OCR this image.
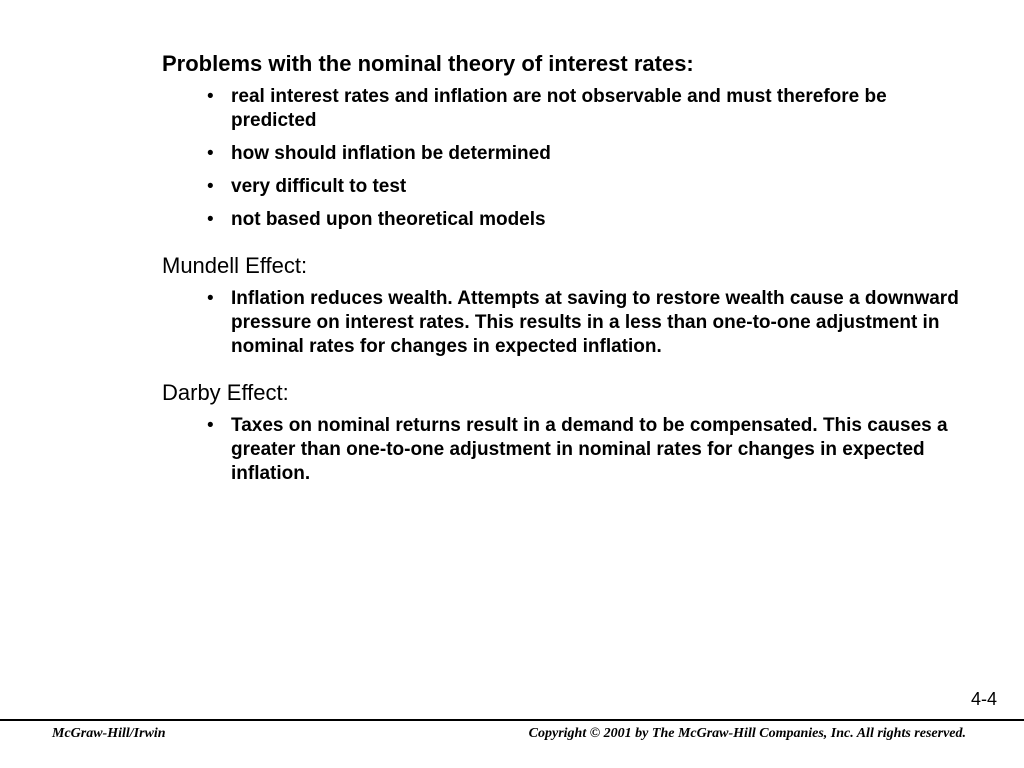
Problems with the nominal theory of interest rates:
• real interest rates and inflation are not observable and must therefore be predicted
• how should inflation be determined
• very difficult to test
• not based upon theoretical models
Mundell Effect:
• Inflation reduces wealth. Attempts at saving to restore wealth cause a downward pressure on interest rates. This results in a less than one-to-one adjustment in nominal rates for changes in expected inflation.
Darby Effect:
• Taxes on nominal returns result in a demand to be compensated. This causes a greater than one-to-one adjustment in nominal rates for changes in expected inflation.
4-4
McGraw-Hill/Irwin	Copyright © 2001 by The McGraw-Hill Companies, Inc. All rights reserved.
